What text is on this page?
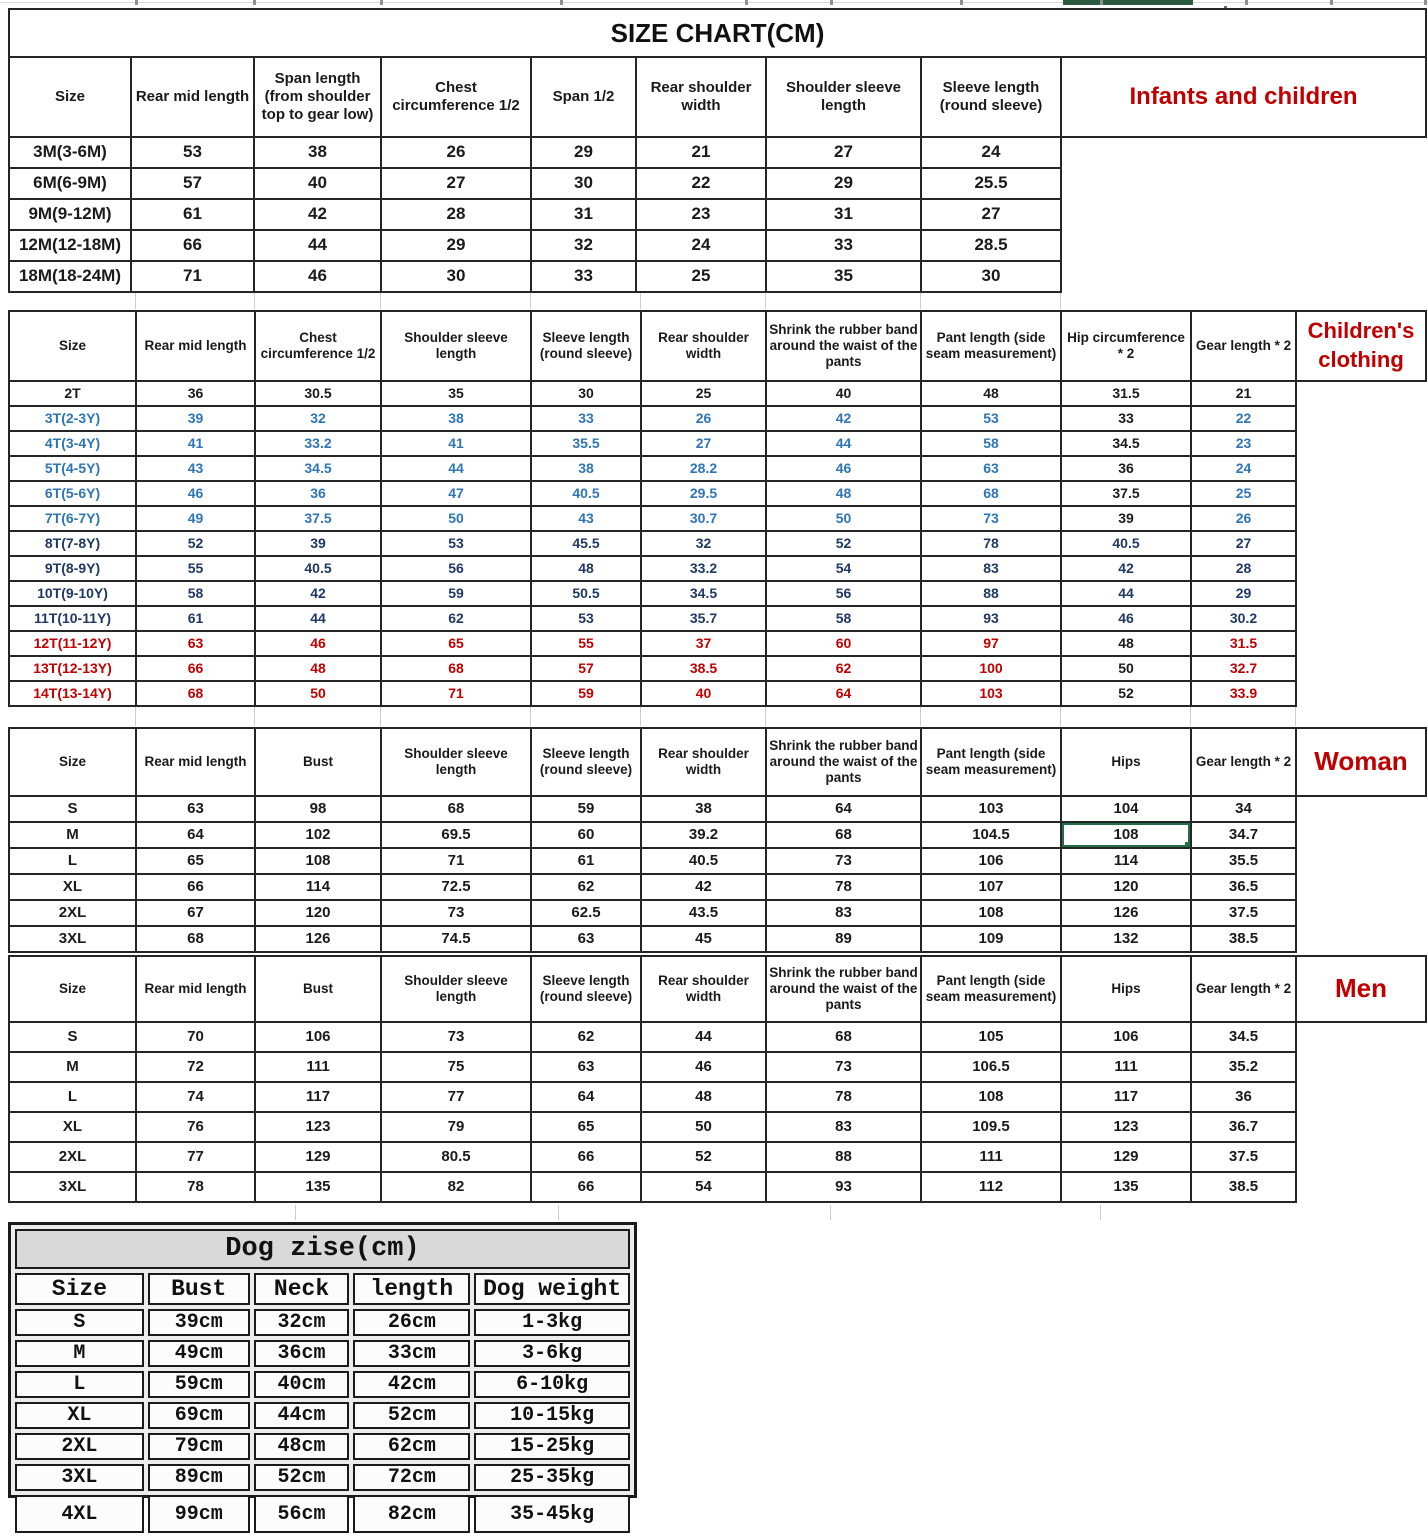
Dog zise(cm)				
Size	Bust	Neck	length	Dog weight
S	39cm	32cm	26cm	1-3kg
M	49cm	36cm	33cm	3-6kg
L	59cm	40cm	42cm	6-10kg
XL	69cm	44cm	52cm	10-15kg
2XL	79cm	48cm	62cm	15-25kg
3XL	89cm	52cm	72cm	25-35kg
4XL	99cm	56cm	82cm	35-45kg
SIZE CHART(CM)								
Size	Rear mid length	Span length (from shoulder top to gear low)	Chest circumference 1/2	Span 1/2	Rear shoulder width	Shoulder sleeve length	Sleeve length (round sleeve)	Infants and children
3M(3-6M)	53	38	26	29	21	27	24	
6M(6-9M)	57	40	27	30	22	29	25.5	
9M(9-12M)	61	42	28	31	23	31	27	
12M(12-18M)	66	44	29	32	24	33	28.5	
18M(18-24M)	71	46	30	33	25	35	30	
Size	Rear mid length	Chest circumference 1/2	Shoulder sleeve length	Sleeve length (round sleeve)	Rear shoulder width	Shrink the rubber band around the waist of the pants	Pant length (side seam measurement)	Hip circumference * 2	Gear length * 2	Children's clothing
2T	36	30.5	35	30	25	40	48	31.5	21	
3T(2-3Y)	39	32	38	33	26	42	53	33	22	
4T(3-4Y)	41	33.2	41	35.5	27	44	58	34.5	23	
5T(4-5Y)	43	34.5	44	38	28.2	46	63	36	24	
6T(5-6Y)	46	36	47	40.5	29.5	48	68	37.5	25	
7T(6-7Y)	49	37.5	50	43	30.7	50	73	39	26	
8T(7-8Y)	52	39	53	45.5	32	52	78	40.5	27	
9T(8-9Y)	55	40.5	56	48	33.2	54	83	42	28	
10T(9-10Y)	58	42	59	50.5	34.5	56	88	44	29	
11T(10-11Y)	61	44	62	53	35.7	58	93	46	30.2	
12T(11-12Y)	63	46	65	55	37	60	97	48	31.5	
13T(12-13Y)	66	48	68	57	38.5	62	100	50	32.7	
14T(13-14Y)	68	50	71	59	40	64	103	52	33.9	
Size	Rear mid length	Bust	Shoulder sleeve length	Sleeve length (round sleeve)	Rear shoulder width	Shrink the rubber band around the waist of the pants	Pant length (side seam measurement)	Hips	Gear length * 2	Woman
S	63	98	68	59	38	64	103	104	34	
M	64	102	69.5	60	39.2	68	104.5	108	34.7	
L	65	108	71	61	40.5	73	106	114	35.5	
XL	66	114	72.5	62	42	78	107	120	36.5	
2XL	67	120	73	62.5	43.5	83	108	126	37.5	
3XL	68	126	74.5	63	45	89	109	132	38.5	
Size	Rear mid length	Bust	Shoulder sleeve length	Sleeve length (round sleeve)	Rear shoulder width	Shrink the rubber band around the waist of the pants	Pant length (side seam measurement)	Hips	Gear length * 2	Men
S	70	106	73	62	44	68	105	106	34.5	
M	72	111	75	63	46	73	106.5	111	35.2	
L	74	117	77	64	48	78	108	117	36	
XL	76	123	79	65	50	83	109.5	123	36.7	
2XL	77	129	80.5	66	52	88	111	129	37.5	
3XL	78	135	82	66	54	93	112	135	38.5	
